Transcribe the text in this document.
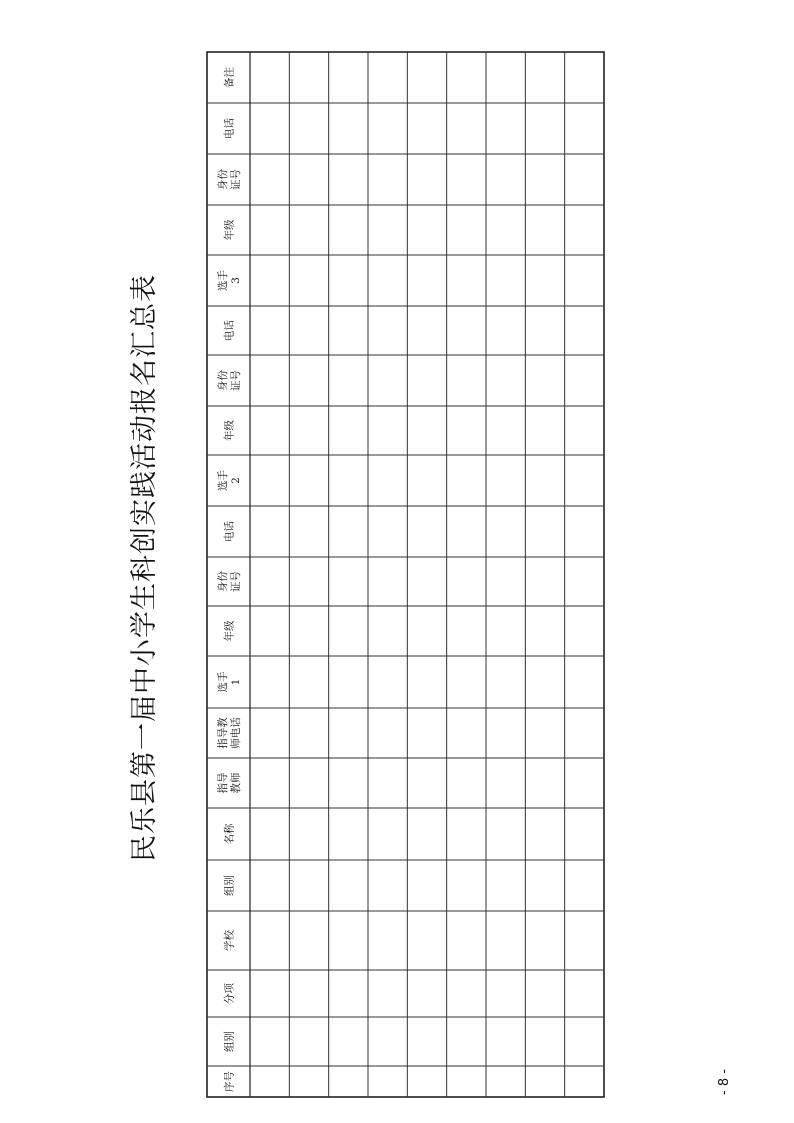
民乐县第一届中小学生科创实践活动报名汇总表
序号
组别
分项
学校
组别
名称
指导 教师
指导教 师电话
选手 1
年级
身份 证号
电话
选手 2
年级
身份 证号
电话
选手 3
年级
身份 证号
电话
备注
- 8 -
